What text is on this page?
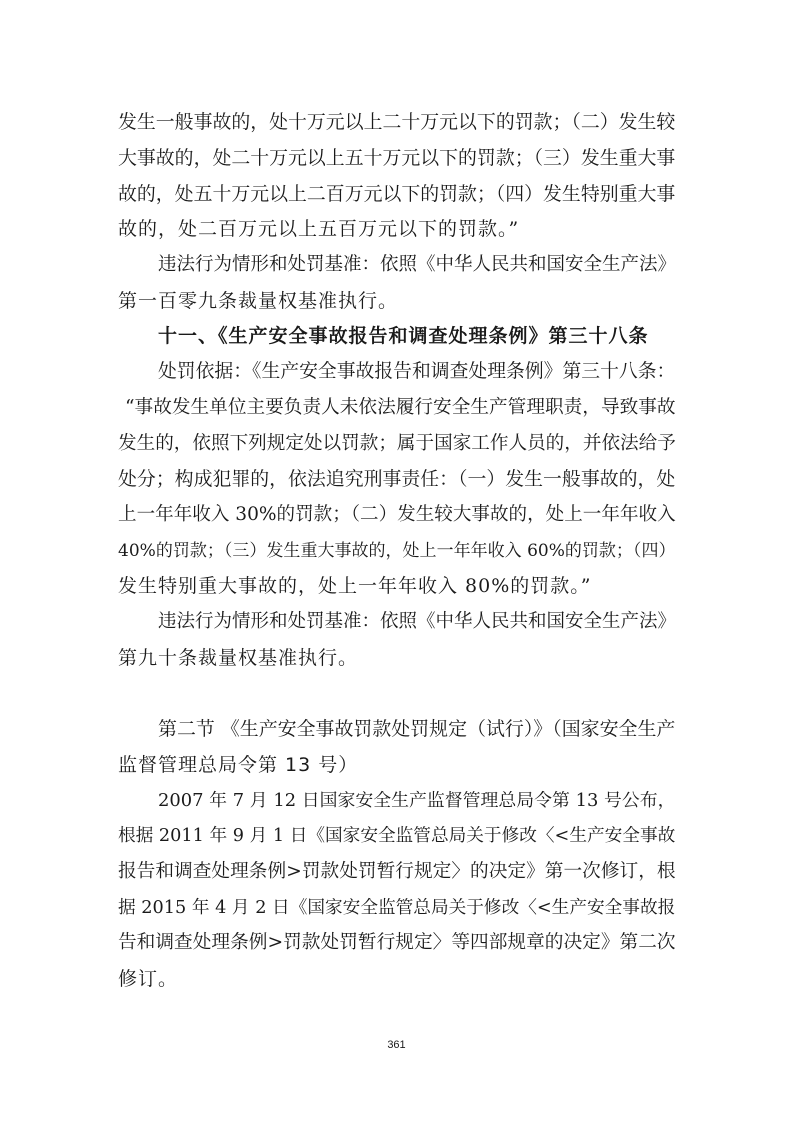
发生一般事故的，处十万元以上二十万元以下的罚款；（二）发生较

大事故的，处二十万元以上五十万元以下的罚款；（三）发生重大事

故的，处五十万元以上二百万元以下的罚款；（四）发生特别重大事

故的，处二百万元以上五百万元以下的罚款。”

违法行为情形和处罚基准：依照《中华人民共和国安全生产法》

第一百零九条裁量权基准执行。

十一、《生产安全事故报告和调查处理条例》第三十八条

处罚依据：《生产安全事故报告和调查处理条例》第三十八条：

“事故发生单位主要负责人未依法履行安全生产管理职责，导致事故

发生的，依照下列规定处以罚款；属于国家工作人员的，并依法给予

处分；构成犯罪的，依法追究刑事责任：（一）发生一般事故的，处

上一年年收入 30%的罚款；（二）发生较大事故的，处上一年年收入

40%的罚款；（三）发生重大事故的，处上一年年收入 60%的罚款；（四）

发生特别重大事故的，处上一年年收入 80%的罚款。”

违法行为情形和处罚基准：依照《中华人民共和国安全生产法》

第九十条裁量权基准执行。

第二节 《生产安全事故罚款处罚规定（试行）》（国家安全生产

监督管理总局令第 13 号）

2007 年 7 月 12 日国家安全生产监督管理总局令第 13 号公布，

根据 2011 年 9 月 1 日《国家安全监管总局关于修改〈<生产安全事故

报告和调查处理条例>罚款处罚暂行规定〉的决定》第一次修订，根

据 2015 年 4 月 2 日《国家安全监管总局关于修改〈<生产安全事故报

告和调查处理条例>罚款处罚暂行规定〉等四部规章的决定》第二次

修订。

361
